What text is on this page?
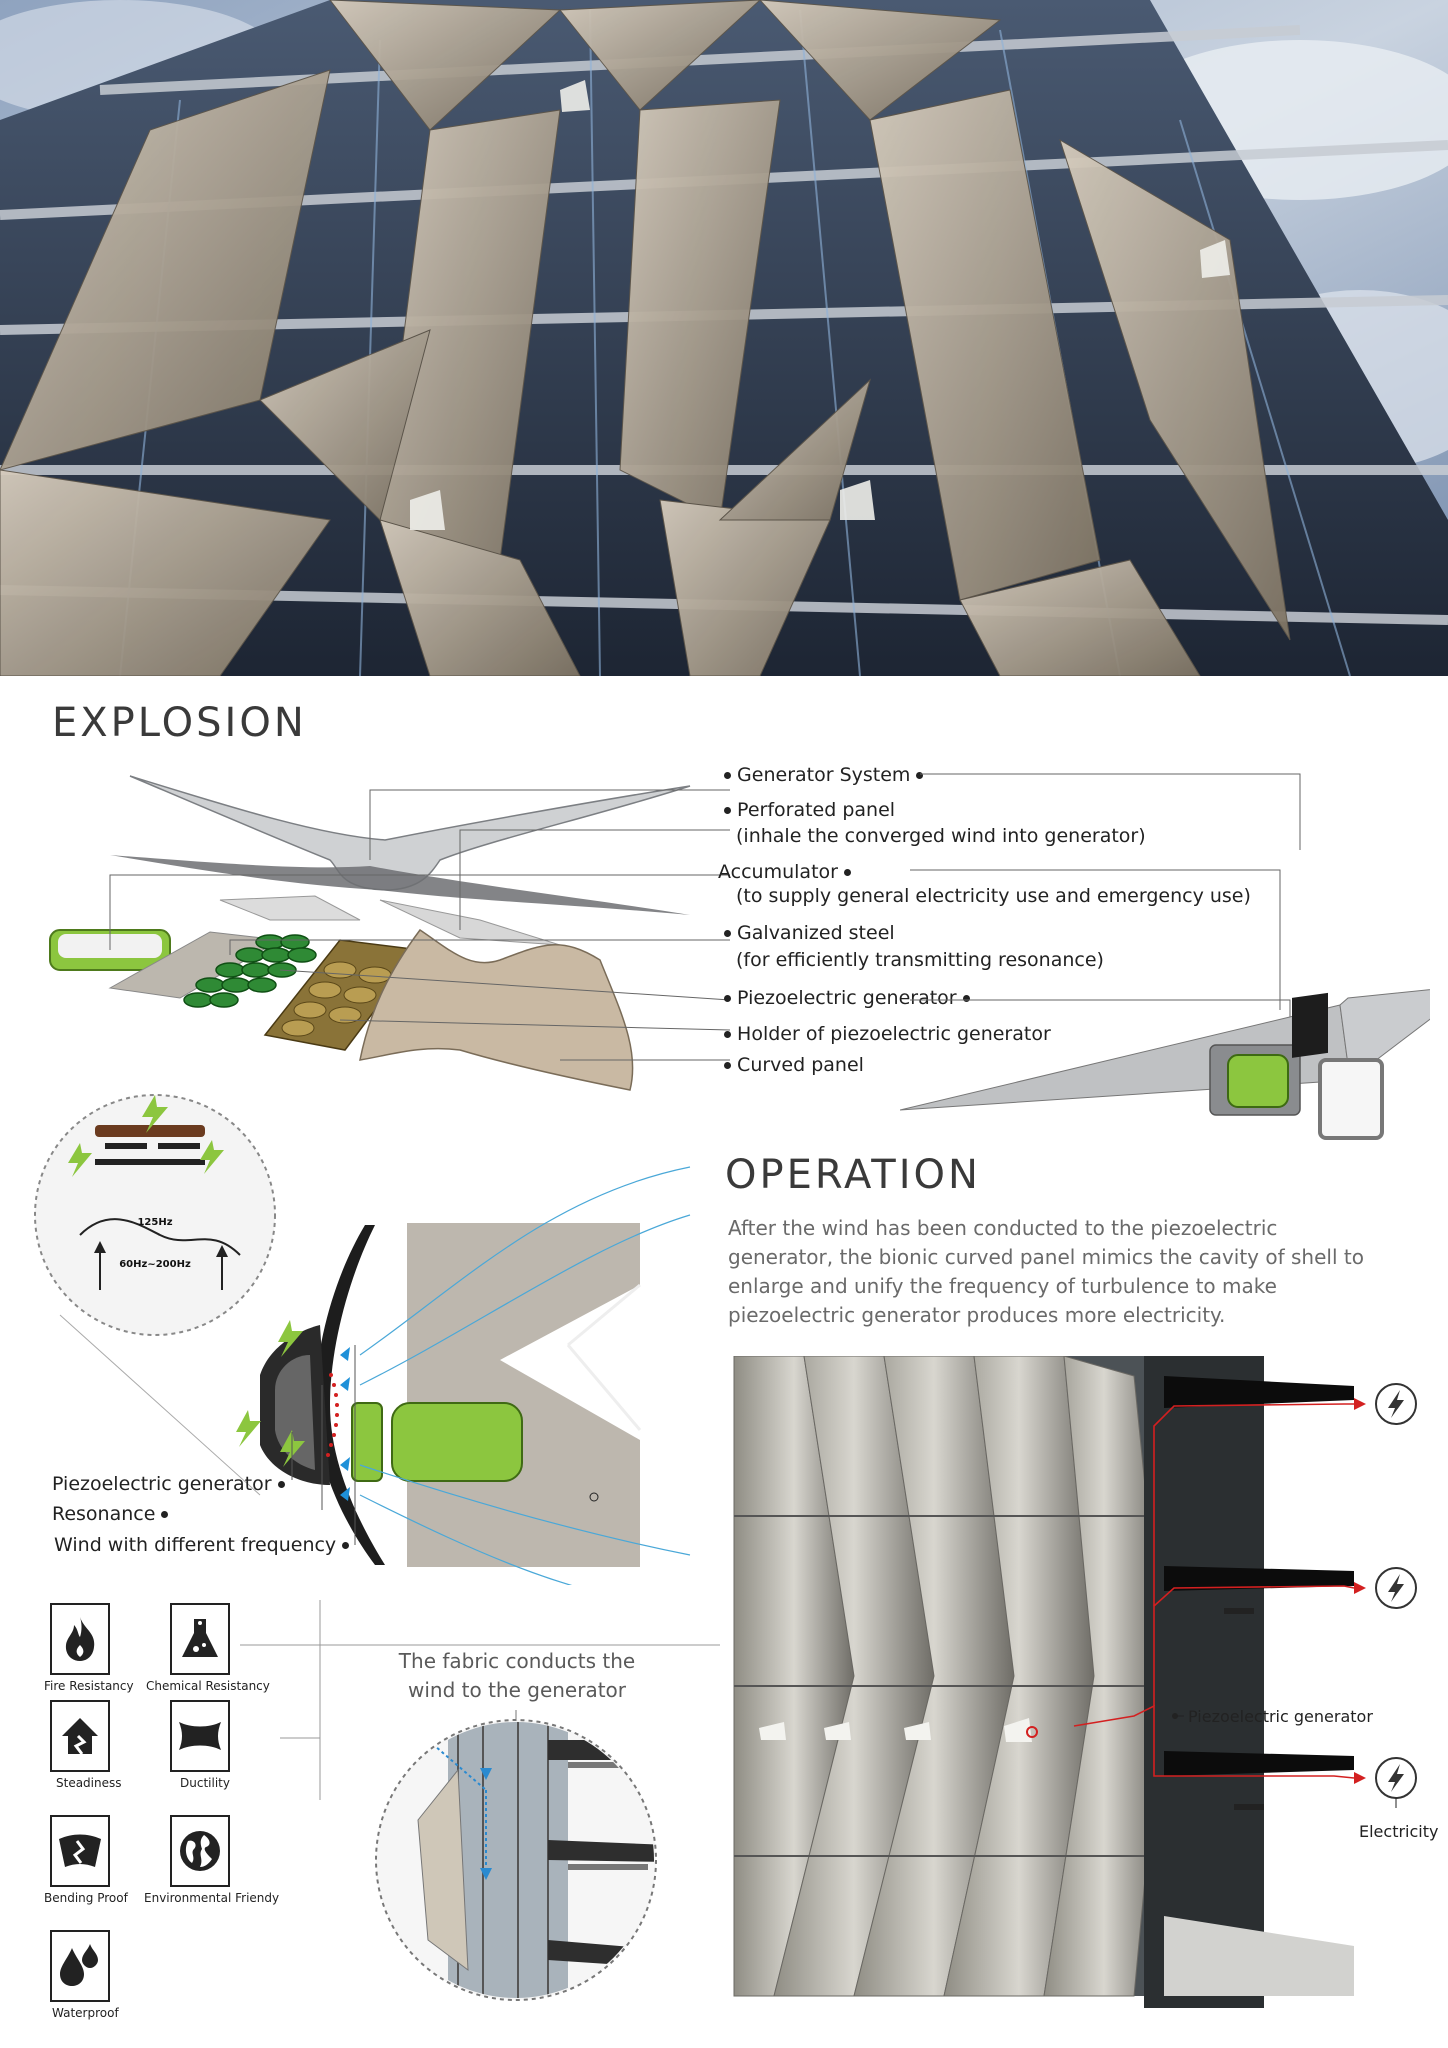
EXPLOSION
Generator System
Perforated panel
(inhale the converged wind into generator)
Accumulator
(to supply general electricity use and emergency use)
Galvanized steel
(for efficiently transmitting resonance)
Piezoelectric generator
Holder of piezoelectric generator
Curved panel
OPERATION
After the wind has been conducted to the piezoelectric generator, the bionic curved panel mimics the cavity of shell to enlarge and unify the frequency of turbulence to make piezoelectric generator produces more electricity.
125Hz
60Hz~200Hz
Piezoelectric generator
Resonance
Wind with different frequency
Piezoelectric generator
Electricity
Fire Resistancy Chemical Resistancy
Steadiness	Ductility
Bending Proof Environmental Friendy
Waterproof
The fabric conducts the wind to the generator
